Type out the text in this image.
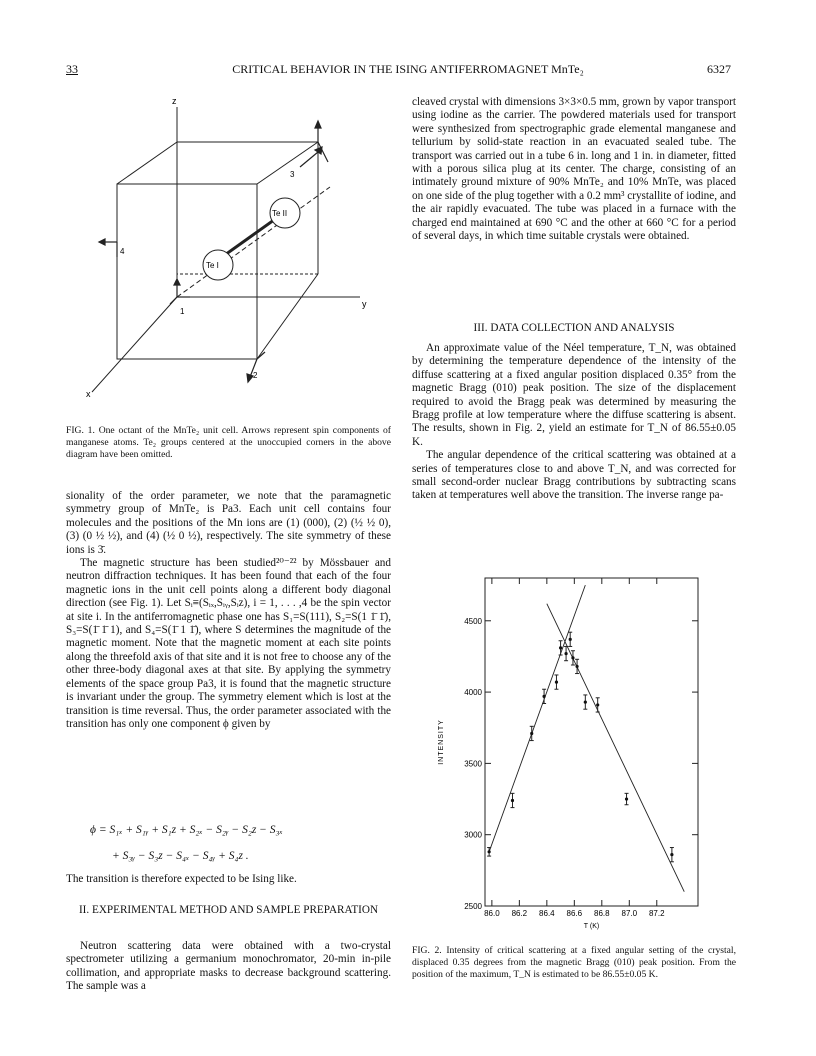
33	CRITICAL BEHAVIOR IN THE ISING ANTIFERROMAGNET MnTe₂	6327
z
y
x
1
2
3
4
Te I
Te II
FIG. 1. One octant of the MnTe₂ unit cell. Arrows represent spin components of manganese atoms. Te₂ groups centered at the unoccupied corners in the above diagram have been omitted.

sionality of the order parameter, we note that the paramagnetic symmetry group of MnTe₂ is Pa3. Each unit cell contains four molecules and the positions of the Mn ions are (1) (000), (2) (½ ½ 0), (3) (0 ½ ½), and (4) (½ 0 ½), respectively. The site symmetry of these ions is 3̄.

The magnetic structure has been studied²⁰⁻²² by Mössbauer and neutron diffraction techniques. It has been found that each of the four magnetic ions in the unit cell points along a different body diagonal direction (see Fig. 1). Let Sᵢ≡(Sᵢₓ,Sᵢᵧ,Sᵢz), i = 1, . . . ,4 be the spin vector at site i. In the antiferromagnetic phase one has S₁=S(111), S₂=S(1 1̄ 1̄), S₃=S(1̄ 1̄ 1), and S₄=S(1̄ 1 1̄), where S determines the magnitude of the magnetic moment. Note that the magnetic moment at each site points along the threefold axis of that site and it is not free to choose any of the other three-body diagonal axes at that site. By applying the symmetry elements of the space group Pa3, it is found that the magnetic structure is invariant under the group. The symmetry element which is lost at the transition is time reversal. Thus, the order parameter associated with the transition has only one component ϕ given by

ϕ = S₁ₓ + S₁ᵧ + S₁z + S₂ₓ − S₂ᵧ − S₂z − S₃ₓ
+ S₃ᵧ − S₃z − S₄ₓ − S₄ᵧ + S₄z .
The transition is therefore expected to be Ising like.
II. EXPERIMENTAL METHOD AND SAMPLE PREPARATION

Neutron scattering data were obtained with a two-crystal spectrometer utilizing a germanium monochromator, 20-min in-pile collimation, and appropriate masks to decrease background scattering. The sample was a

cleaved crystal with dimensions 3×3×0.5 mm, grown by vapor transport using iodine as the carrier. The powdered materials used for transport were synthesized from spectrographic grade elemental manganese and tellurium by solid-state reaction in an evacuated sealed tube. The transport was carried out in a tube 6 in. long and 1 in. in diameter, fitted with a porous silica plug at its center. The charge, consisting of an intimately ground mixture of 90% MnTe₂ and 10% MnTe, was placed on one side of the plug together with a 0.2 mm³ crystallite of iodine, and the air rapidly evacuated. The tube was placed in a furnace with the charged end maintained at 690 °C and the other at 660 °C for a period of several days, in which time suitable crystals were obtained.

III. DATA COLLECTION AND ANALYSIS

An approximate value of the Néel temperature, T_N, was obtained by determining the temperature dependence of the intensity of the diffuse scattering at a fixed angular position displaced 0.35° from the magnetic Bragg (010) peak position. The size of the displacement required to avoid the Bragg peak was determined by measuring the Bragg profile at low temperature where the diffuse scattering is absent. The results, shown in Fig. 2, yield an estimate for T_N of 86.55±0.05 K.

The angular dependence of the critical scattering was obtained at a series of temperatures close to and above T_N, and was corrected for small second-order nuclear Bragg contributions by subtracting scans taken at temperatures well above the transition. The inverse range pa-

86.0 86.2 86.4 86.6 86.8 87.0 87.2
2500
3000
3500
4000
4500
T (K)
INTENSITY
FIG. 2. Intensity of critical scattering at a fixed angular setting of the crystal, displaced 0.35 degrees from the magnetic Bragg (010) peak position. From the position of the maximum, T_N is estimated to be 86.55±0.05 K.
